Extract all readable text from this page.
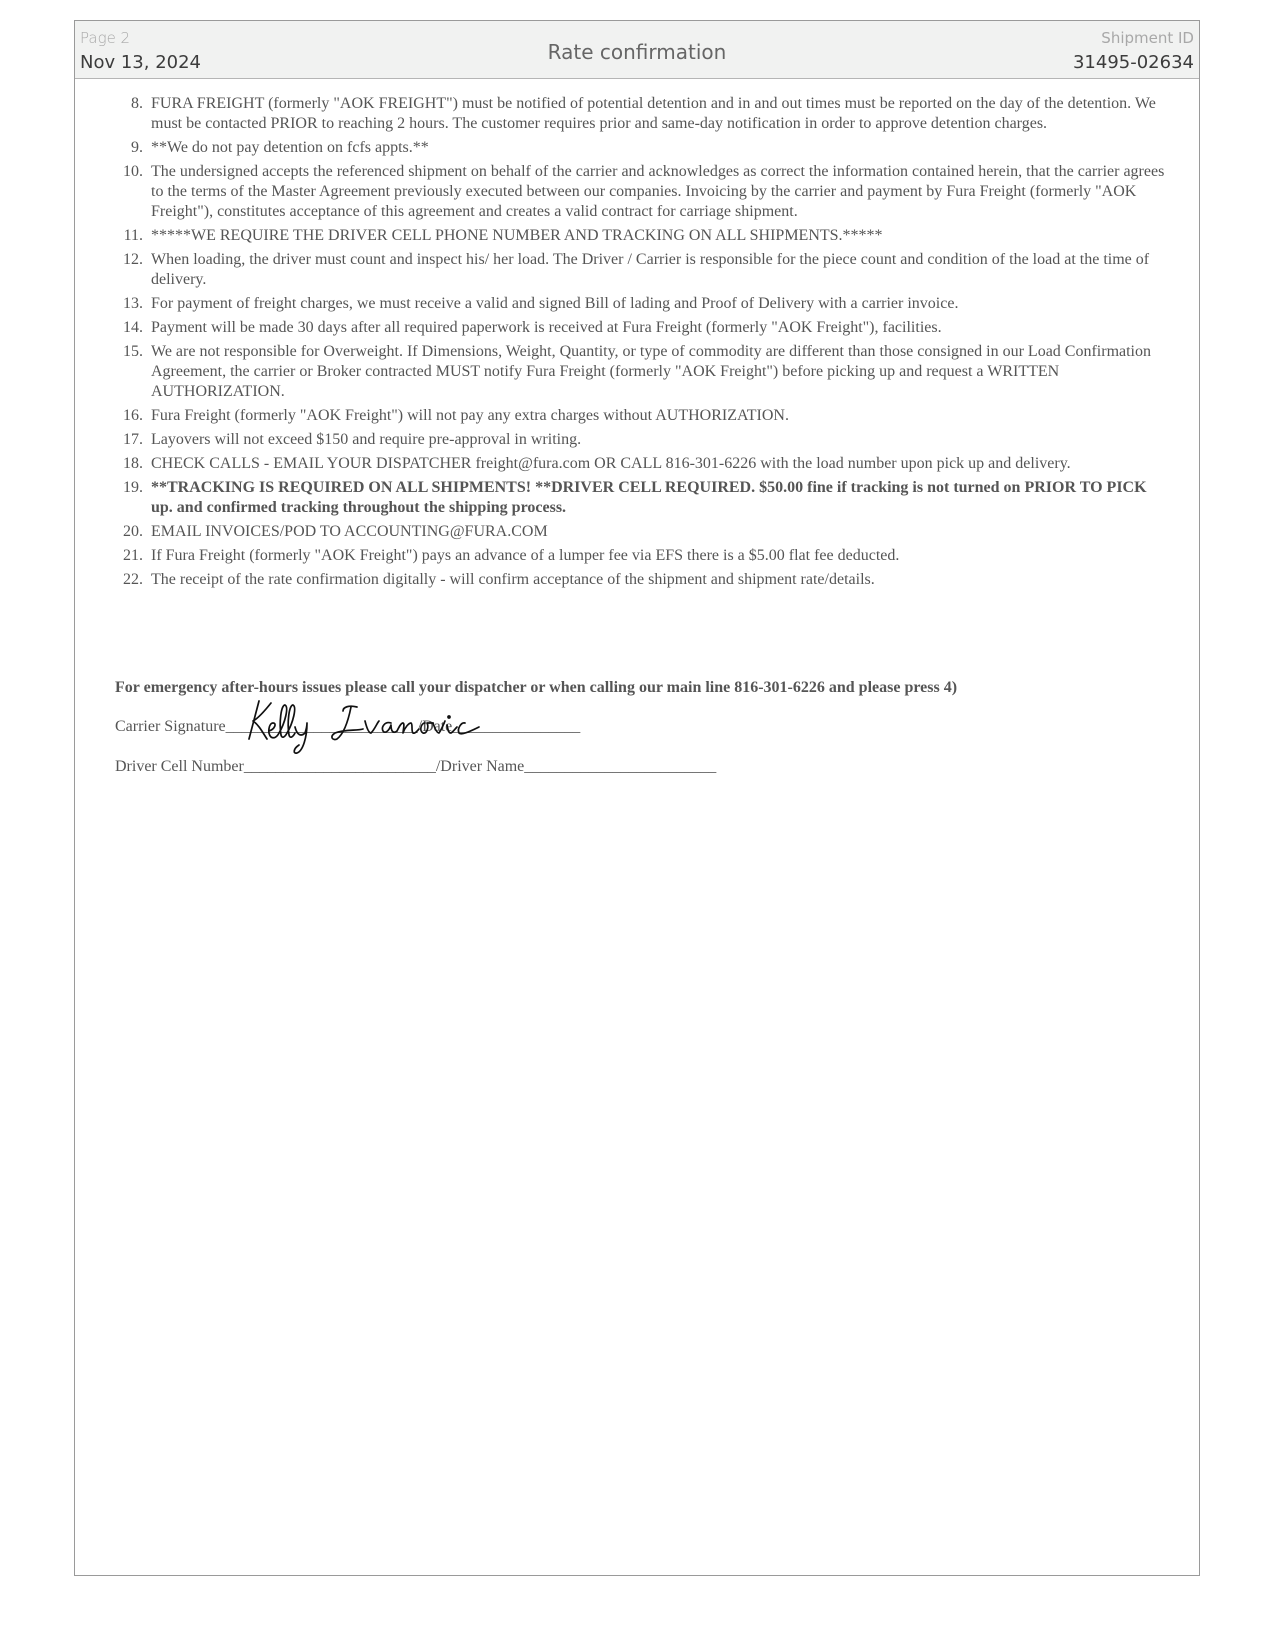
Page 2
Nov 13, 2024	Rate confirmation
Shipment ID
31495-02634
8. FURA FREIGHT (formerly "AOK FREIGHT") must be notified of potential detention and in and out times must be reported on the day of the detention. We must be contacted PRIOR to reaching 2 hours. The customer requires prior and same-day notification in order to approve detention charges.
9. **We do not pay detention on fcfs appts.**
10. The undersigned accepts the referenced shipment on behalf of the carrier and acknowledges as correct the information contained herein, that the carrier agrees to the terms of the Master Agreement previously executed between our companies. Invoicing by the carrier and payment by Fura Freight (formerly "AOK Freight"), constitutes acceptance of this agreement and creates a valid contract for carriage shipment.
11. *****WE REQUIRE THE DRIVER CELL PHONE NUMBER AND TRACKING ON ALL SHIPMENTS.*****
12. When loading, the driver must count and inspect his/ her load. The Driver / Carrier is responsible for the piece count and condition of the load at the time of delivery.
13. For payment of freight charges, we must receive a valid and signed Bill of lading and Proof of Delivery with a carrier invoice.
14. Payment will be made 30 days after all required paperwork is received at Fura Freight (formerly "AOK Freight"), facilities.
15. We are not responsible for Overweight. If Dimensions, Weight, Quantity, or type of commodity are different than those consigned in our Load Confirmation Agreement, the carrier or Broker contracted MUST notify Fura Freight (formerly "AOK Freight") before picking up and request a WRITTEN AUTHORIZATION.
16. Fura Freight (formerly "AOK Freight") will not pay any extra charges without AUTHORIZATION.
17. Layovers will not exceed $150 and require pre-approval in writing.
18. CHECK CALLS - EMAIL YOUR DISPATCHER freight@fura.com OR CALL 816-301-6226 with the load number upon pick up and delivery.
19. **TRACKING IS REQUIRED ON ALL SHIPMENTS! **DRIVER CELL REQUIRED. $50.00 fine if tracking is not turned on PRIOR TO PICK up. and confirmed tracking throughout the shipping process.
20. EMAIL INVOICES/POD TO ACCOUNTING@FURA.COM
21. If Fura Freight (formerly "AOK Freight") pays an advance of a lumper fee via EFS there is a $5.00 flat fee deducted.
22. The receipt of the rate confirmation digitally - will confirm acceptance of the shipment and shipment rate/details.
For emergency after-hours issues please call your dispatcher or when calling our main line 816-301-6226 and please press 4)
Carrier Signature________________________/Date________________
Driver Cell Number________________________/Driver Name________________________
